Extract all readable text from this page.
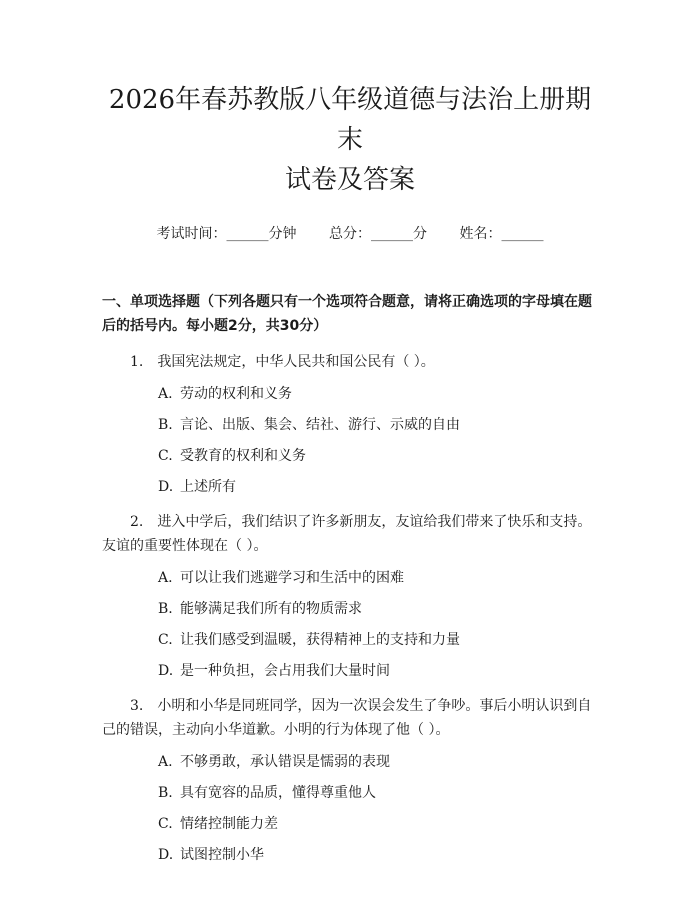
2026年春苏教版八年级道德与法治上册期末
试卷及答案
考试时间：______分钟 总分：______分 姓名：______
一、单项选择题（下列各题只有一个选项符合题意，请将正确选项的字母填在题后的括号内。每小题2分，共30分）
1. 我国宪法规定，中华人民共和国公民有（ ）。
A. 劳动的权利和义务
B. 言论、出版、集会、结社、游行、示威的自由
C. 受教育的权利和义务
D. 上述所有
2. 进入中学后，我们结识了许多新朋友，友谊给我们带来了快乐和支持。友谊的重要性体现在（ ）。
A. 可以让我们逃避学习和生活中的困难
B. 能够满足我们所有的物质需求
C. 让我们感受到温暖，获得精神上的支持和力量
D. 是一种负担，会占用我们大量时间
3. 小明和小华是同班同学，因为一次误会发生了争吵。事后小明认识到自己的错误，主动向小华道歉。小明的行为体现了他（ ）。
A. 不够勇敢，承认错误是懦弱的表现
B. 具有宽容的品质，懂得尊重他人
C. 情绪控制能力差
D. 试图控制小华
